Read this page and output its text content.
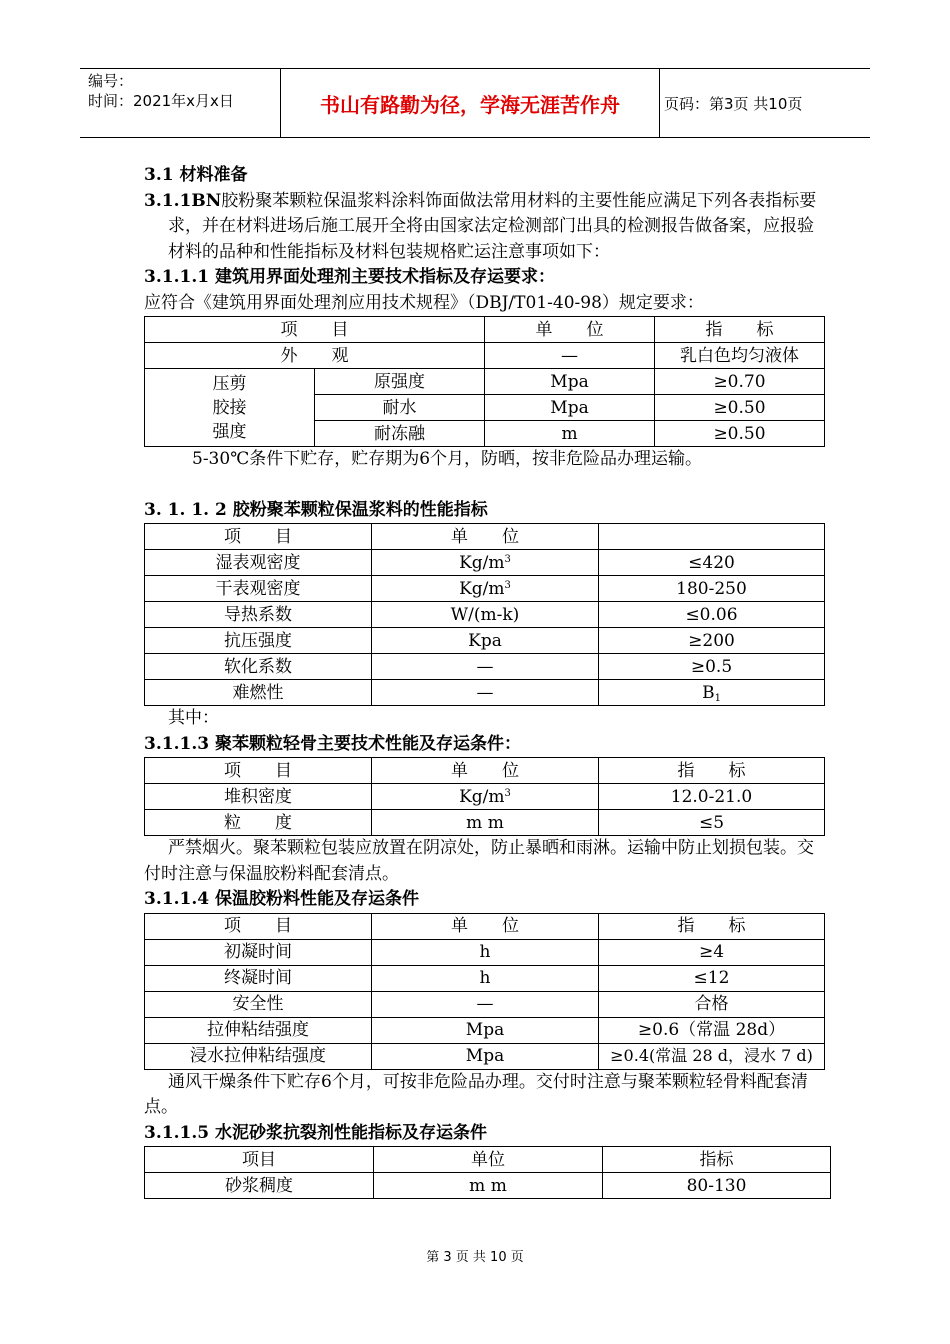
编号：
时间：2021年x月x日	书山有路勤为径，学海无涯苦作舟	页码：第3页 共10页
3.1 材料准备
3.1.1BN胶粉聚苯颗粒保温浆料涂料饰面做法常用材料的主要性能应满足下列各表指标要求，并在材料进场后施工展开全将由国家法定检测部门出具的检测报告做备案，应报验材料的品种和性能指标及材料包装规格贮运注意事项如下：
3.1.1.1 建筑用界面处理剂主要技术指标及存运要求：
应符合《建筑用界面处理剂应用技术规程》（DBJ/T01-40-98）规定要求：
项　　目		单　　位	指　　标
外　　观		—	乳白色均匀液体

压剪
胶接
强度	原强度	Mpa	≥0.70
	耐水	Mpa	≥0.50
	耐冻融	m	≥0.50
5-30℃条件下贮存，贮存期为6个月，防晒，按非危险品办理运输。
3. 1. 1. 2 胶粉聚苯颗粒保温浆料的性能指标
项　　目	单　　位	
湿表观密度	$Kg/m^3$	≤420
干表观密度	$Kg/m^3$	180-250
导热系数	W/(m-k)	≤0.06
抗压强度	Kpa	≥200
软化系数	—	≥0.5
难燃性	—	$B_1$
其中：
3.1.1.3 聚苯颗粒轻骨主要技术性能及存运条件：
项　　目	单　　位	指　　标
堆积密度	$Kg/m^3$	12.0-21.0
粒　　度	m m	≤5
严禁烟火。聚苯颗粒包装应放置在阴凉处，防止暴晒和雨淋。运输中防止划损包装。交付时注意与保温胶粉料配套清点。
3.1.1.4 保温胶粉料性能及存运条件
项　　目	单　　位	指　　标
初凝时间	h	≥4
终凝时间	h	≤12
安全性	—	合格
拉伸粘结强度	Mpa	≥0.6（常温 28d）
浸水拉伸粘结强度	Mpa	≥0.4(常温 28 d，浸水 7 d)
通风干燥条件下贮存6个月，可按非危险品办理。交付时注意与聚苯颗粒轻骨料配套清点。
3.1.1.5 水泥砂浆抗裂剂性能指标及存运条件
项目	单位	指标
砂浆稠度	m m	80-130
第 3 页 共 10 页
